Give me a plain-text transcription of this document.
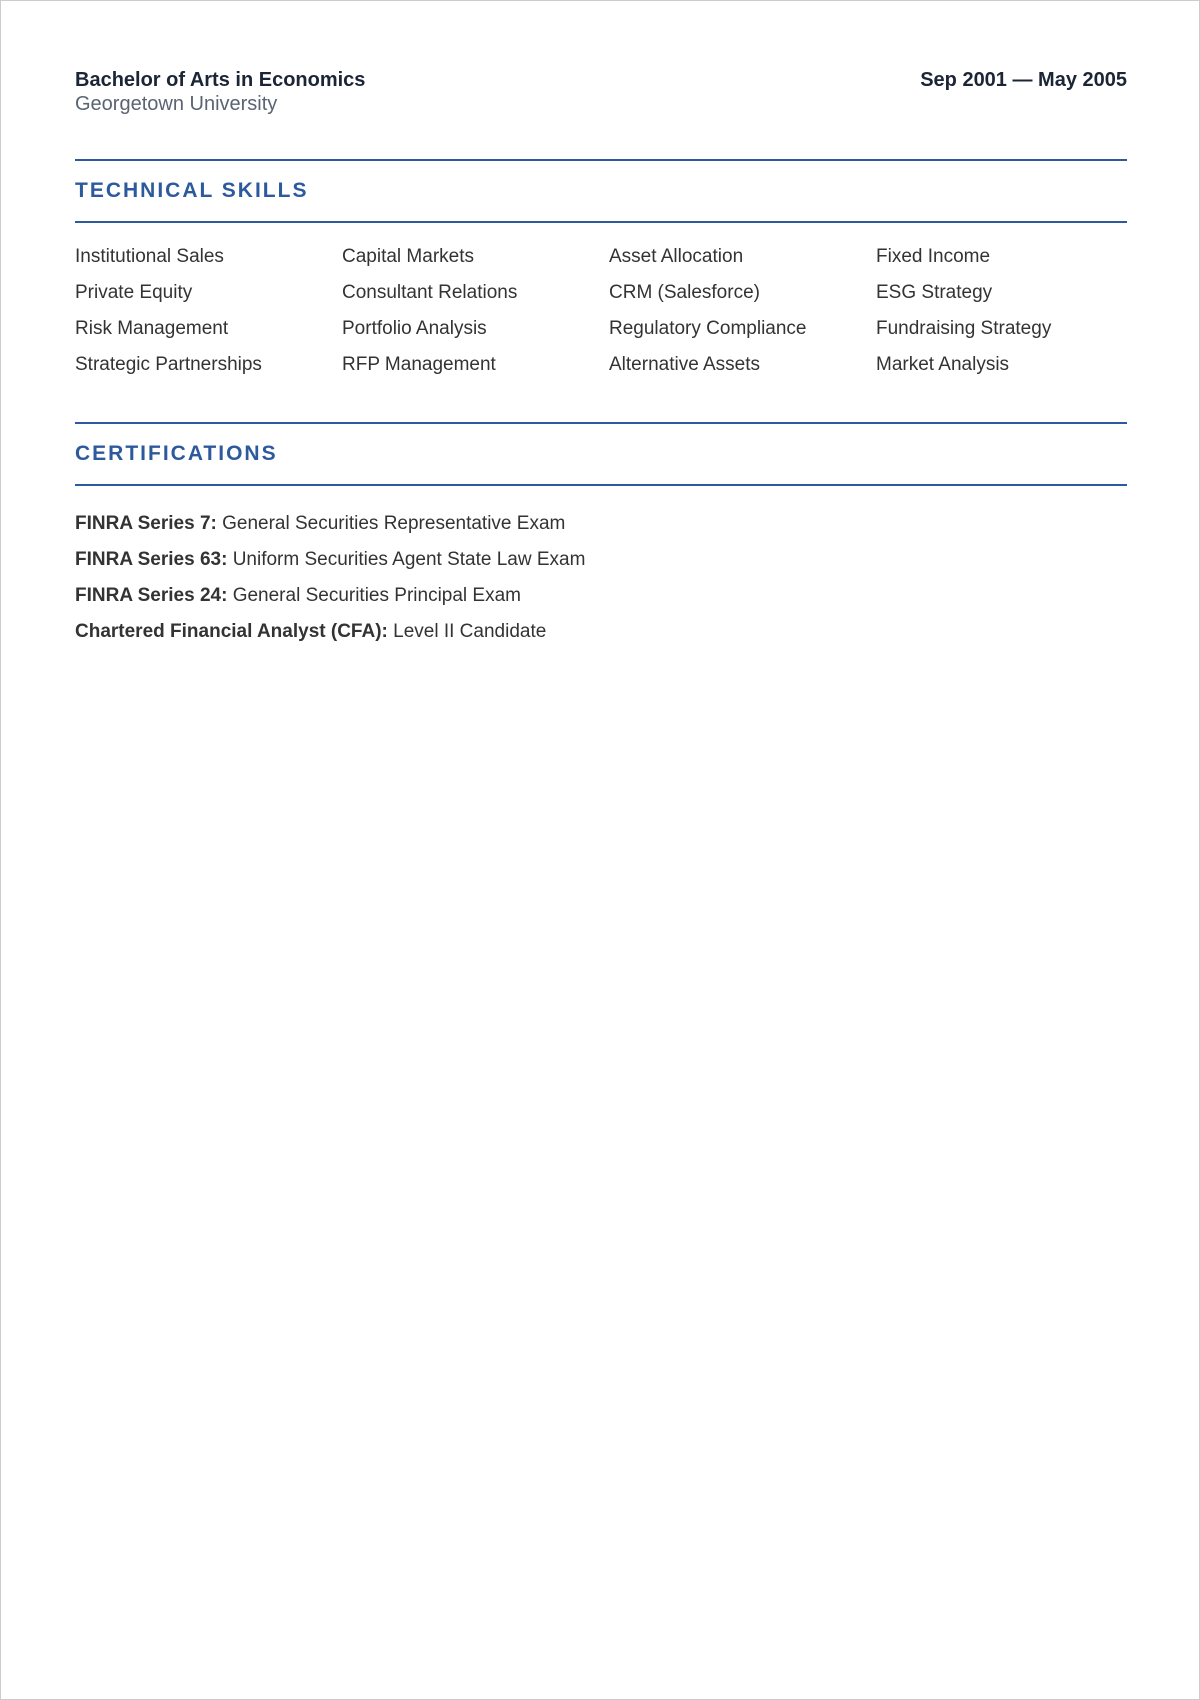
Bachelor of Arts in Economics
Georgetown University
Sep 2001 — May 2005
TECHNICAL SKILLS
Institutional Sales	Capital Markets	Asset Allocation	Fixed Income
Private Equity	Consultant Relations	CRM (Salesforce)	ESG Strategy
Risk Management	Portfolio Analysis	Regulatory Compliance	Fundraising Strategy
Strategic Partnerships	RFP Management	Alternative Assets	Market Analysis
CERTIFICATIONS
FINRA Series 7: General Securities Representative Exam
FINRA Series 63: Uniform Securities Agent State Law Exam
FINRA Series 24: General Securities Principal Exam
Chartered Financial Analyst (CFA): Level II Candidate
